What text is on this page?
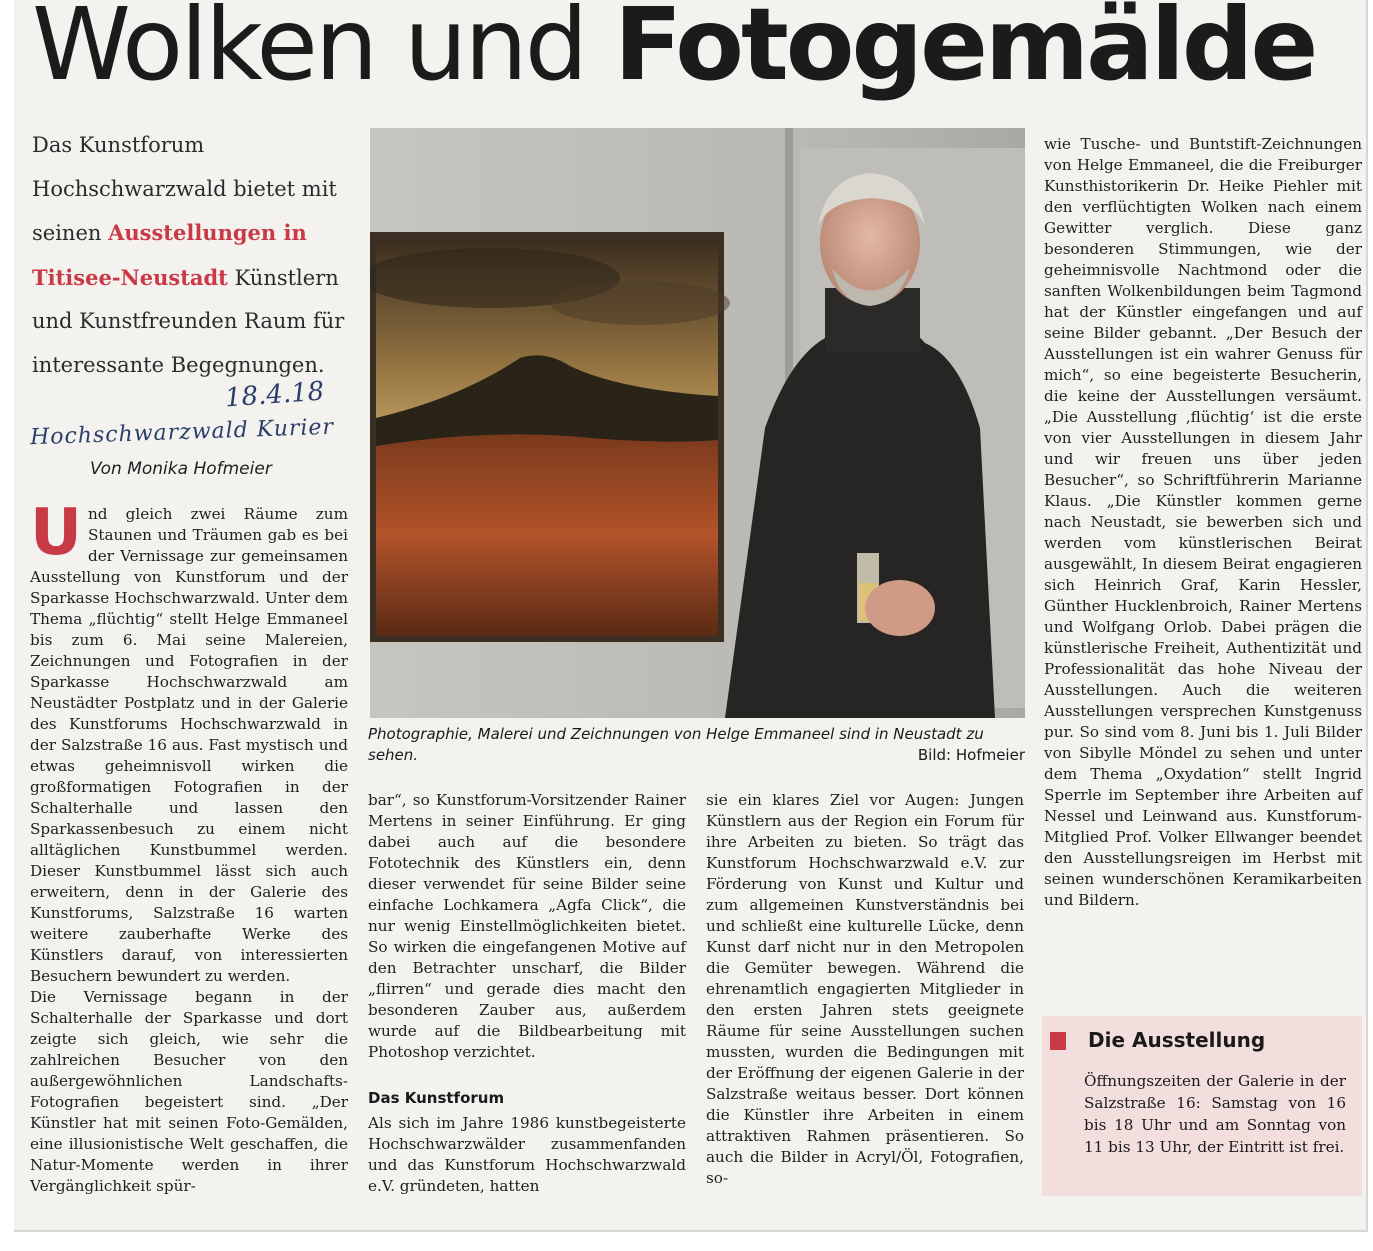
Wolken und Fotogemälde
Das Kunstforum Hochschwarzwald bietet mit seinen Ausstellungen in Titisee-Neustadt Künstlern und Kunstfreunden Raum für interessante Begegnungen.
18.4.18
Hochschwarzwald Kurier
Von Monika Hofmeier
Und gleich zwei Räume zum Staunen und Träumen gab es bei der Vernissage zur gemeinsamen Ausstellung von Kunstforum und der Sparkasse Hochschwarzwald. Unter dem Thema „flüchtig“ stellt Helge Emmaneel bis zum 6. Mai seine Malereien, Zeichnungen und Fotografien in der Sparkasse Hochschwarzwald am Neustädter Postplatz und in der Galerie des Kunstforums Hochschwarzwald in der Salzstraße 16 aus. Fast mystisch und etwas geheimnisvoll wirken die großformatigen Fotografien in der Schalterhalle und lassen den Sparkassenbesuch zu einem nicht alltäglichen Kunstbummel werden. Dieser Kunstbummel lässt sich auch erweitern, denn in der Galerie des Kunstforums, Salzstraße 16 warten weitere zauberhafte Werke des Künstlers darauf, von interessierten Besuchern bewundert zu werden.
Die Vernissage begann in der Schalterhalle der Sparkasse und dort zeigte sich gleich, wie sehr die zahlreichen Besucher von den außergewöhnlichen Landschafts-Fotografien begeistert sind. „Der Künstler hat mit seinen Foto-Gemälden, eine illusionistische Welt geschaffen, die Natur-Momente werden in ihrer Vergänglichkeit spür-
Photographie, Malerei und Zeichnungen von Helge Emmaneel sind in Neustadt zu sehen.	Bild: Hofmeier
bar“, so Kunstforum-Vorsitzender Rainer Mertens in seiner Einführung. Er ging dabei auch auf die besondere Fototechnik des Künstlers ein, denn dieser verwendet für seine Bilder seine einfache Lochkamera „Agfa Click“, die nur wenig Einstellmöglichkeiten bietet. So wirken die eingefangenen Motive auf den Betrachter unscharf, die Bilder „flirren“ und gerade dies macht den besonderen Zauber aus, außerdem wurde auf die Bildbearbeitung mit Photoshop verzichtet.
Das Kunstforum
Als sich im Jahre 1986 kunstbegeisterte Hochschwarzwälder zusammenfanden und das Kunstforum Hochschwarzwald e.V. gründeten, hatten
sie ein klares Ziel vor Augen: Jungen Künstlern aus der Region ein Forum für ihre Arbeiten zu bieten. So trägt das Kunstforum Hochschwarzwald e.V. zur Förderung von Kunst und Kultur und zum allgemeinen Kunstverständnis bei und schließt eine kulturelle Lücke, denn Kunst darf nicht nur in den Metropolen die Gemüter bewegen. Während die ehrenamtlich engagierten Mitglieder in den ersten Jahren stets geeignete Räume für seine Ausstellungen suchen mussten, wurden die Bedingungen mit der Eröffnung der eigenen Galerie in der Salzstraße weitaus besser. Dort können die Künstler ihre Arbeiten in einem attraktiven Rahmen präsentieren. So auch die Bilder in Acryl/Öl, Fotografien, so-
wie Tusche- und Buntstift-Zeichnungen von Helge Emmaneel, die die Freiburger Kunsthistorikerin Dr. Heike Piehler mit den verflüchtigten Wolken nach einem Gewitter verglich. Diese ganz besonderen Stimmungen, wie der geheimnisvolle Nachtmond oder die sanften Wolkenbildungen beim Tagmond hat der Künstler eingefangen und auf seine Bilder gebannt. „Der Besuch der Ausstellungen ist ein wahrer Genuss für mich“, so eine begeisterte Besucherin, die keine der Ausstellungen versäumt. „Die Ausstellung ‚flüchtig‘ ist die erste von vier Ausstellungen in diesem Jahr und wir freuen uns über jeden Besucher“, so Schriftführerin Marianne Klaus. „Die Künstler kommen gerne nach Neustadt, sie bewerben sich und werden vom künstlerischen Beirat ausgewählt, In diesem Beirat engagieren sich Heinrich Graf, Karin Hessler, Günther Hucklenbroich, Rainer Mertens und Wolfgang Orlob. Dabei prägen die künstlerische Freiheit, Authentizität und Professionalität das hohe Niveau der Ausstellungen. Auch die weiteren Ausstellungen versprechen Kunstgenuss pur. So sind vom 8. Juni bis 1. Juli Bilder von Sibylle Möndel zu sehen und unter dem Thema „Oxydation“ stellt Ingrid Sperrle im September ihre Arbeiten auf Nessel und Leinwand aus. Kunstforum-Mitglied Prof. Volker Ellwanger beendet den Ausstellungsreigen im Herbst mit seinen wunderschönen Keramikarbeiten und Bildern.
Die Ausstellung
Öffnungszeiten der Galerie in der Salzstraße 16: Samstag von 16 bis 18 Uhr und am Sonntag von 11 bis 13 Uhr, der Eintritt ist frei.
